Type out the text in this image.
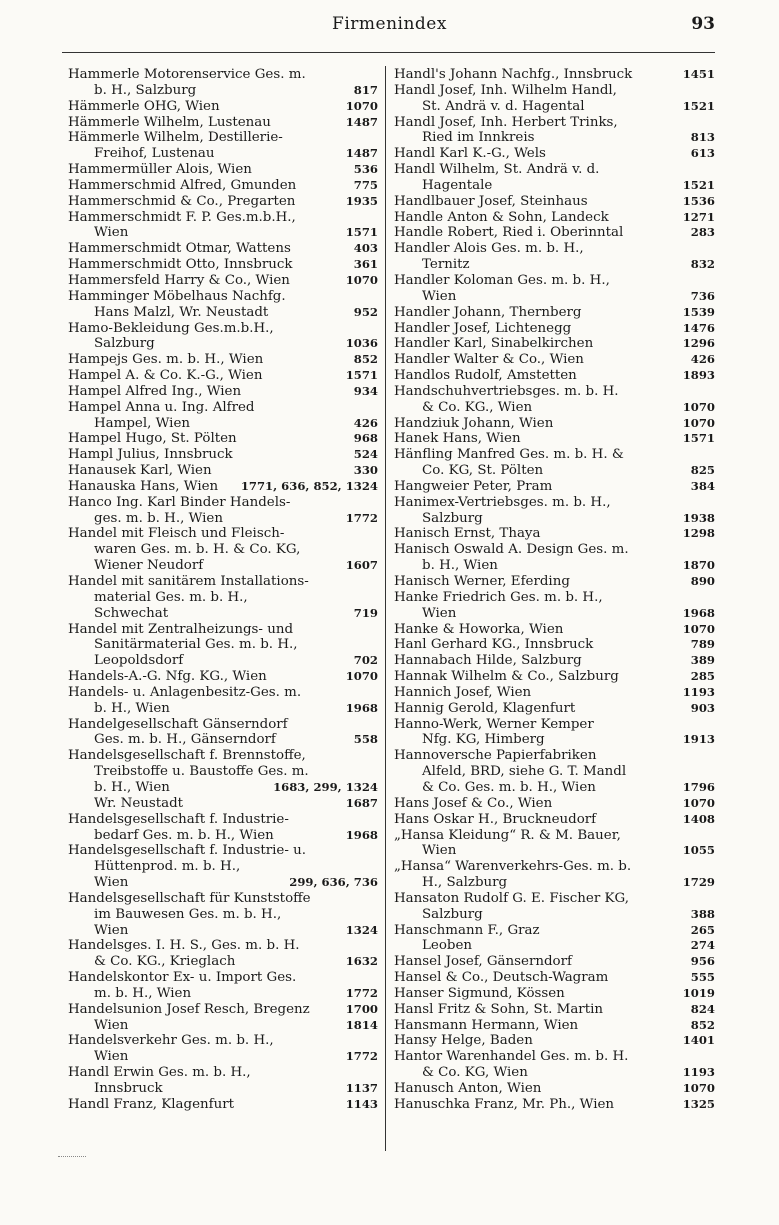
Firmenindex	93
Hammerle Motorenservice Ges. m.
b. H., Salzburg	817
Hämmerle OHG, Wien	1070
Hämmerle Wilhelm, Lustenau	1487
Hämmerle Wilhelm, Destillerie-
Freihof, Lustenau	1487
Hammermüller Alois, Wien	536
Hammerschmid Alfred, Gmunden	775
Hammerschmid & Co., Pregarten	1935
Hammerschmidt F. P. Ges.m.b.H.,
Wien	1571
Hammerschmidt Otmar, Wattens	403
Hammerschmidt Otto, Innsbruck	361
Hammersfeld Harry & Co., Wien	1070
Hamminger Möbelhaus Nachfg.
Hans Malzl, Wr. Neustadt	952
Hamo-Bekleidung Ges.m.b.H.,
Salzburg	1036
Hampejs Ges. m. b. H., Wien	852
Hampel A. & Co. K.-G., Wien	1571
Hampel Alfred Ing., Wien	934
Hampel Anna u. Ing. Alfred
Hampel, Wien	426
Hampel Hugo, St. Pölten	968
Hampl Julius, Innsbruck	524
Hanausek Karl, Wien	330
Hanauska Hans, Wien	1771, 636, 852, 1324
Hanco Ing. Karl Binder Handels-
ges. m. b. H., Wien	1772
Handel mit Fleisch und Fleisch-
waren Ges. m. b. H. & Co. KG,
Wiener Neudorf	1607
Handel mit sanitärem Installations-
material Ges. m. b. H.,
Schwechat	719
Handel mit Zentralheizungs- und
Sanitärmaterial Ges. m. b. H.,
Leopoldsdorf	702
Handels-A.-G. Nfg. KG., Wien	1070
Handels- u. Anlagenbesitz-Ges. m.
b. H., Wien	1968
Handelgesellschaft Gänserndorf
Ges. m. b. H., Gänserndorf	558
Handelsgesellschaft f. Brennstoffe,
Treibstoffe u. Baustoffe Ges. m.
b. H., Wien	1683, 299, 1324
Wr. Neustadt	1687
Handelsgesellschaft f. Industrie-
bedarf Ges. m. b. H., Wien	1968
Handelsgesellschaft f. Industrie- u.
Hüttenprod. m. b. H.,
Wien	299, 636, 736
Handelsgesellschaft für Kunststoffe
im Bauwesen Ges. m. b. H.,
Wien	1324
Handelsges. I. H. S., Ges. m. b. H.
& Co. KG., Krieglach	1632
Handelskontor Ex- u. Import Ges.
m. b. H., Wien	1772
Handelsunion Josef Resch, Bregenz	1700
Wien	1814
Handelsverkehr Ges. m. b. H.,
Wien	1772
Handl Erwin Ges. m. b. H.,
Innsbruck	1137
Handl Franz, Klagenfurt	1143
Handl's Johann Nachfg., Innsbruck	1451
Handl Josef, Inh. Wilhelm Handl,
St. Andrä v. d. Hagental	1521
Handl Josef, Inh. Herbert Trinks,
Ried im Innkreis	813
Handl Karl K.-G., Wels	613
Handl Wilhelm, St. Andrä v. d.
Hagentale	1521
Handlbauer Josef, Steinhaus	1536
Handle Anton & Sohn, Landeck	1271
Handle Robert, Ried i. Oberinntal	283
Handler Alois Ges. m. b. H.,
Ternitz	832
Handler Koloman Ges. m. b. H.,
Wien	736
Handler Johann, Thernberg	1539
Handler Josef, Lichtenegg	1476
Handler Karl, Sinabelkirchen	1296
Handler Walter & Co., Wien	426
Handlos Rudolf, Amstetten	1893
Handschuhvertriebsges. m. b. H.
& Co. KG., Wien	1070
Handziuk Johann, Wien	1070
Hanek Hans, Wien	1571
Hänfling Manfred Ges. m. b. H. &
Co. KG, St. Pölten	825
Hangweier Peter, Pram	384
Hanimex-Vertriebsges. m. b. H.,
Salzburg	1938
Hanisch Ernst, Thaya	1298
Hanisch Oswald A. Design Ges. m.
b. H., Wien	1870
Hanisch Werner, Eferding	890
Hanke Friedrich Ges. m. b. H.,
Wien	1968
Hanke & Howorka, Wien	1070
Hanl Gerhard KG., Innsbruck	789
Hannabach Hilde, Salzburg	389
Hannak Wilhelm & Co., Salzburg	285
Hannich Josef, Wien	1193
Hannig Gerold, Klagenfurt	903
Hanno-Werk, Werner Kemper
Nfg. KG, Himberg	1913
Hannoversche Papierfabriken
Alfeld, BRD, siehe G. T. Mandl
& Co. Ges. m. b. H., Wien	1796
Hans Josef & Co., Wien	1070
Hans Oskar H., Bruckneudorf	1408
„Hansa Kleidung“ R. & M. Bauer,
Wien	1055
„Hansa“ Warenverkehrs-Ges. m. b.
H., Salzburg	1729
Hansaton Rudolf G. E. Fischer KG,
Salzburg	388
Hanschmann F., Graz	265
Leoben	274
Hansel Josef, Gänserndorf	956
Hansel & Co., Deutsch-Wagram	555
Hanser Sigmund, Kössen	1019
Hansl Fritz & Sohn, St. Martin	824
Hansmann Hermann, Wien	852
Hansy Helge, Baden	1401
Hantor Warenhandel Ges. m. b. H.
& Co. KG, Wien	1193
Hanusch Anton, Wien	1070
Hanuschka Franz, Mr. Ph., Wien	1325
